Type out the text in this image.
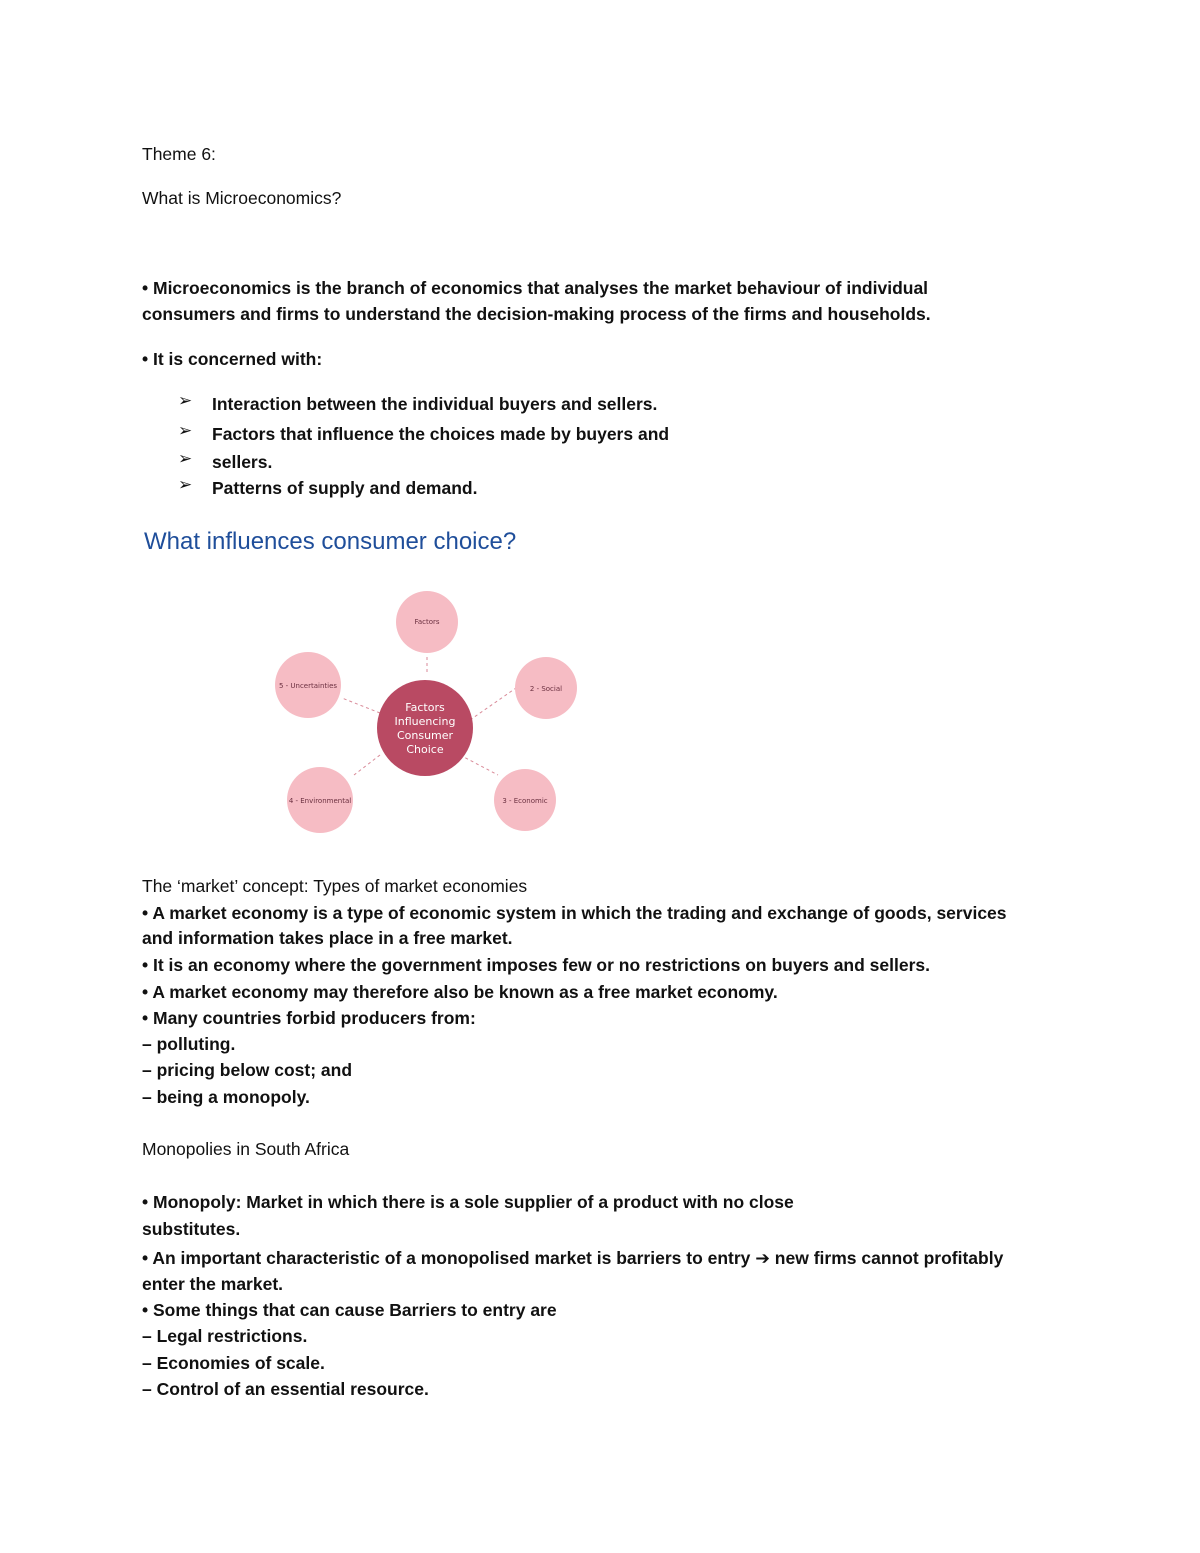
Theme 6:

What is Microeconomics?

• Microeconomics is the branch of economics that analyses the market behaviour of individual

consumers and firms to understand the decision-making process of the firms and households.

• It is concerned with:

➢	Interaction between the individual buyers and sellers.
➢	Factors that influence the choices made by buyers and
➢	sellers.
➢	Patterns of supply and demand.
What influences consumer choice?
Factors
2 - Social
3 - Economic
4 - Environmental
5 - Uncertainties
Factors
Influencing
Consumer
Choice

The ‘market’ concept: Types of market economies

• A market economy is a type of economic system in which the trading and exchange of goods, services

and information takes place in a free market.

• It is an economy where the government imposes few or no restrictions on buyers and sellers.

• A market economy may therefore also be known as a free market economy.

• Many countries forbid producers from:

– polluting.

– pricing below cost; and

– being a monopoly.

Monopolies in South Africa

• Monopoly: Market in which there is a sole supplier of a product with no close

substitutes.

• An important characteristic of a monopolised market is barriers to entry ➔ new firms cannot profitably

enter the market.

• Some things that can cause Barriers to entry are

– Legal restrictions.

– Economies of scale.

– Control of an essential resource.
